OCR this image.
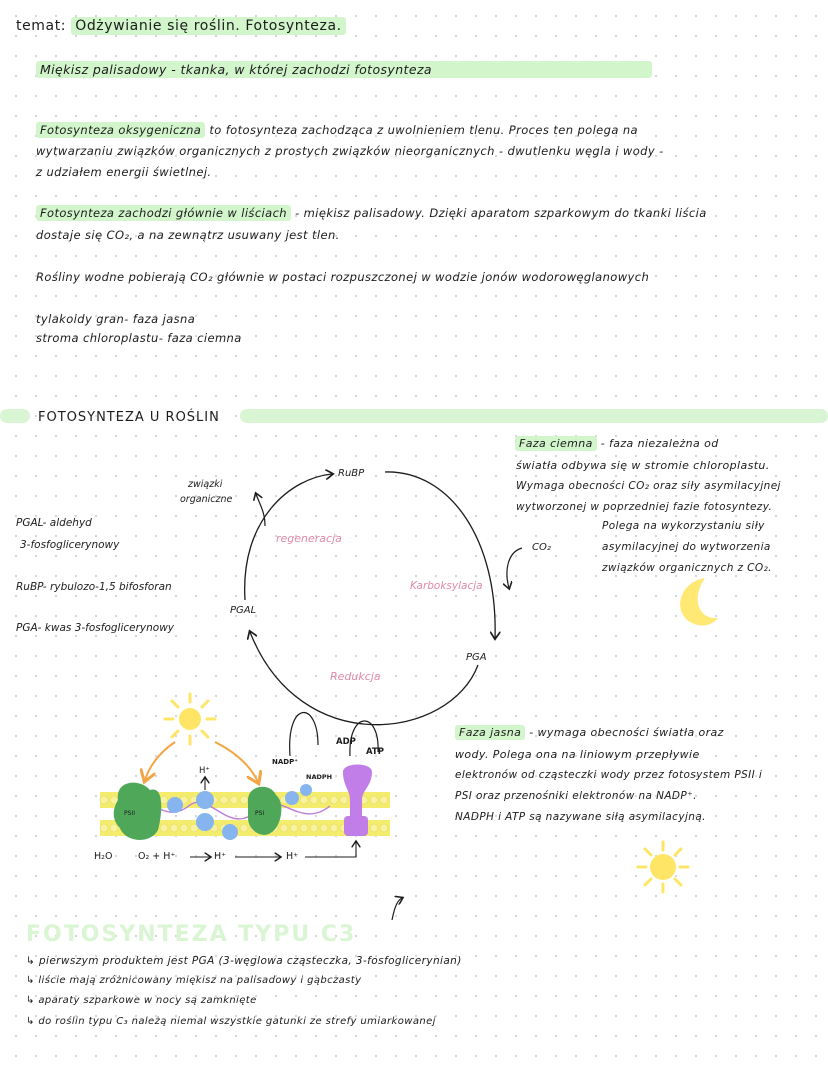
temat: Odżywianie się roślin. Fotosynteza.
Miękisz palisadowy - tkanka, w której zachodzi fotosynteza
Fotosynteza oksygeniczna to fotosynteza zachodząca z uwolnieniem tlenu. Proces ten polega na
wytwarzaniu związków organicznych z prostych związków nieorganicznych - dwutlenku węgla i wody -
z udziałem energii świetlnej.
Fotosynteza zachodzi głównie w liściach - miękisz palisadowy. Dzięki aparatom szparkowym do tkanki liścia
dostaje się CO₂, a na zewnątrz usuwany jest tlen.
Rośliny wodne pobierają CO₂ głównie w postaci rozpuszczonej w wodzie jonów wodorowęglanowych
tylakoidy gran- faza jasna
stroma chloroplastu- faza ciemna
FOTOSYNTEZA U ROŚLIN
PGAL- aldehyd
3-fosfoglicerynowy
RuBP- rybulozo-1,5 bifosforan
PGA- kwas 3-fosfoglicerynowy
RuBP
PGAL
PGA
związki
organiczne
CO₂
regeneracja
Karboksylacja
Redukcja
NADP⁺
NADPH
ADP
ATP
PSII	PSI
H⁺
H₂O	O₂ + H⁺	H⁺	H⁺
Faza ciemna - faza niezależna od
światła odbywa się w stromie chloroplastu.
Wymaga obecności CO₂ oraz siły asymilacyjnej
wytworzonej w poprzedniej fazie fotosyntezy.
Polega na wykorzystaniu siły
asymilacyjnej do wytworzenia
związków organicznych z CO₂.
Faza jasna - wymaga obecności światła oraz
wody. Polega ona na liniowym przepływie
elektronów od cząsteczki wody przez fotosystem PSII i
PSI oraz przenośniki elektronów na NADP⁺.
NADPH i ATP są nazywane siłą asymilacyjną.
FOTOSYNTEZA TYPU C3
↳ pierwszym produktem jest PGA (3-węglowa cząsteczka, 3-fosfoglicerynian)
↳ liście mają zróżnicowany miękisz na palisadowy i gąbczasty
↳ aparaty szparkowe w nocy są zamknięte
↳ do roślin typu C₃ należą niemal wszystkie gatunki ze strefy umiarkowanej
